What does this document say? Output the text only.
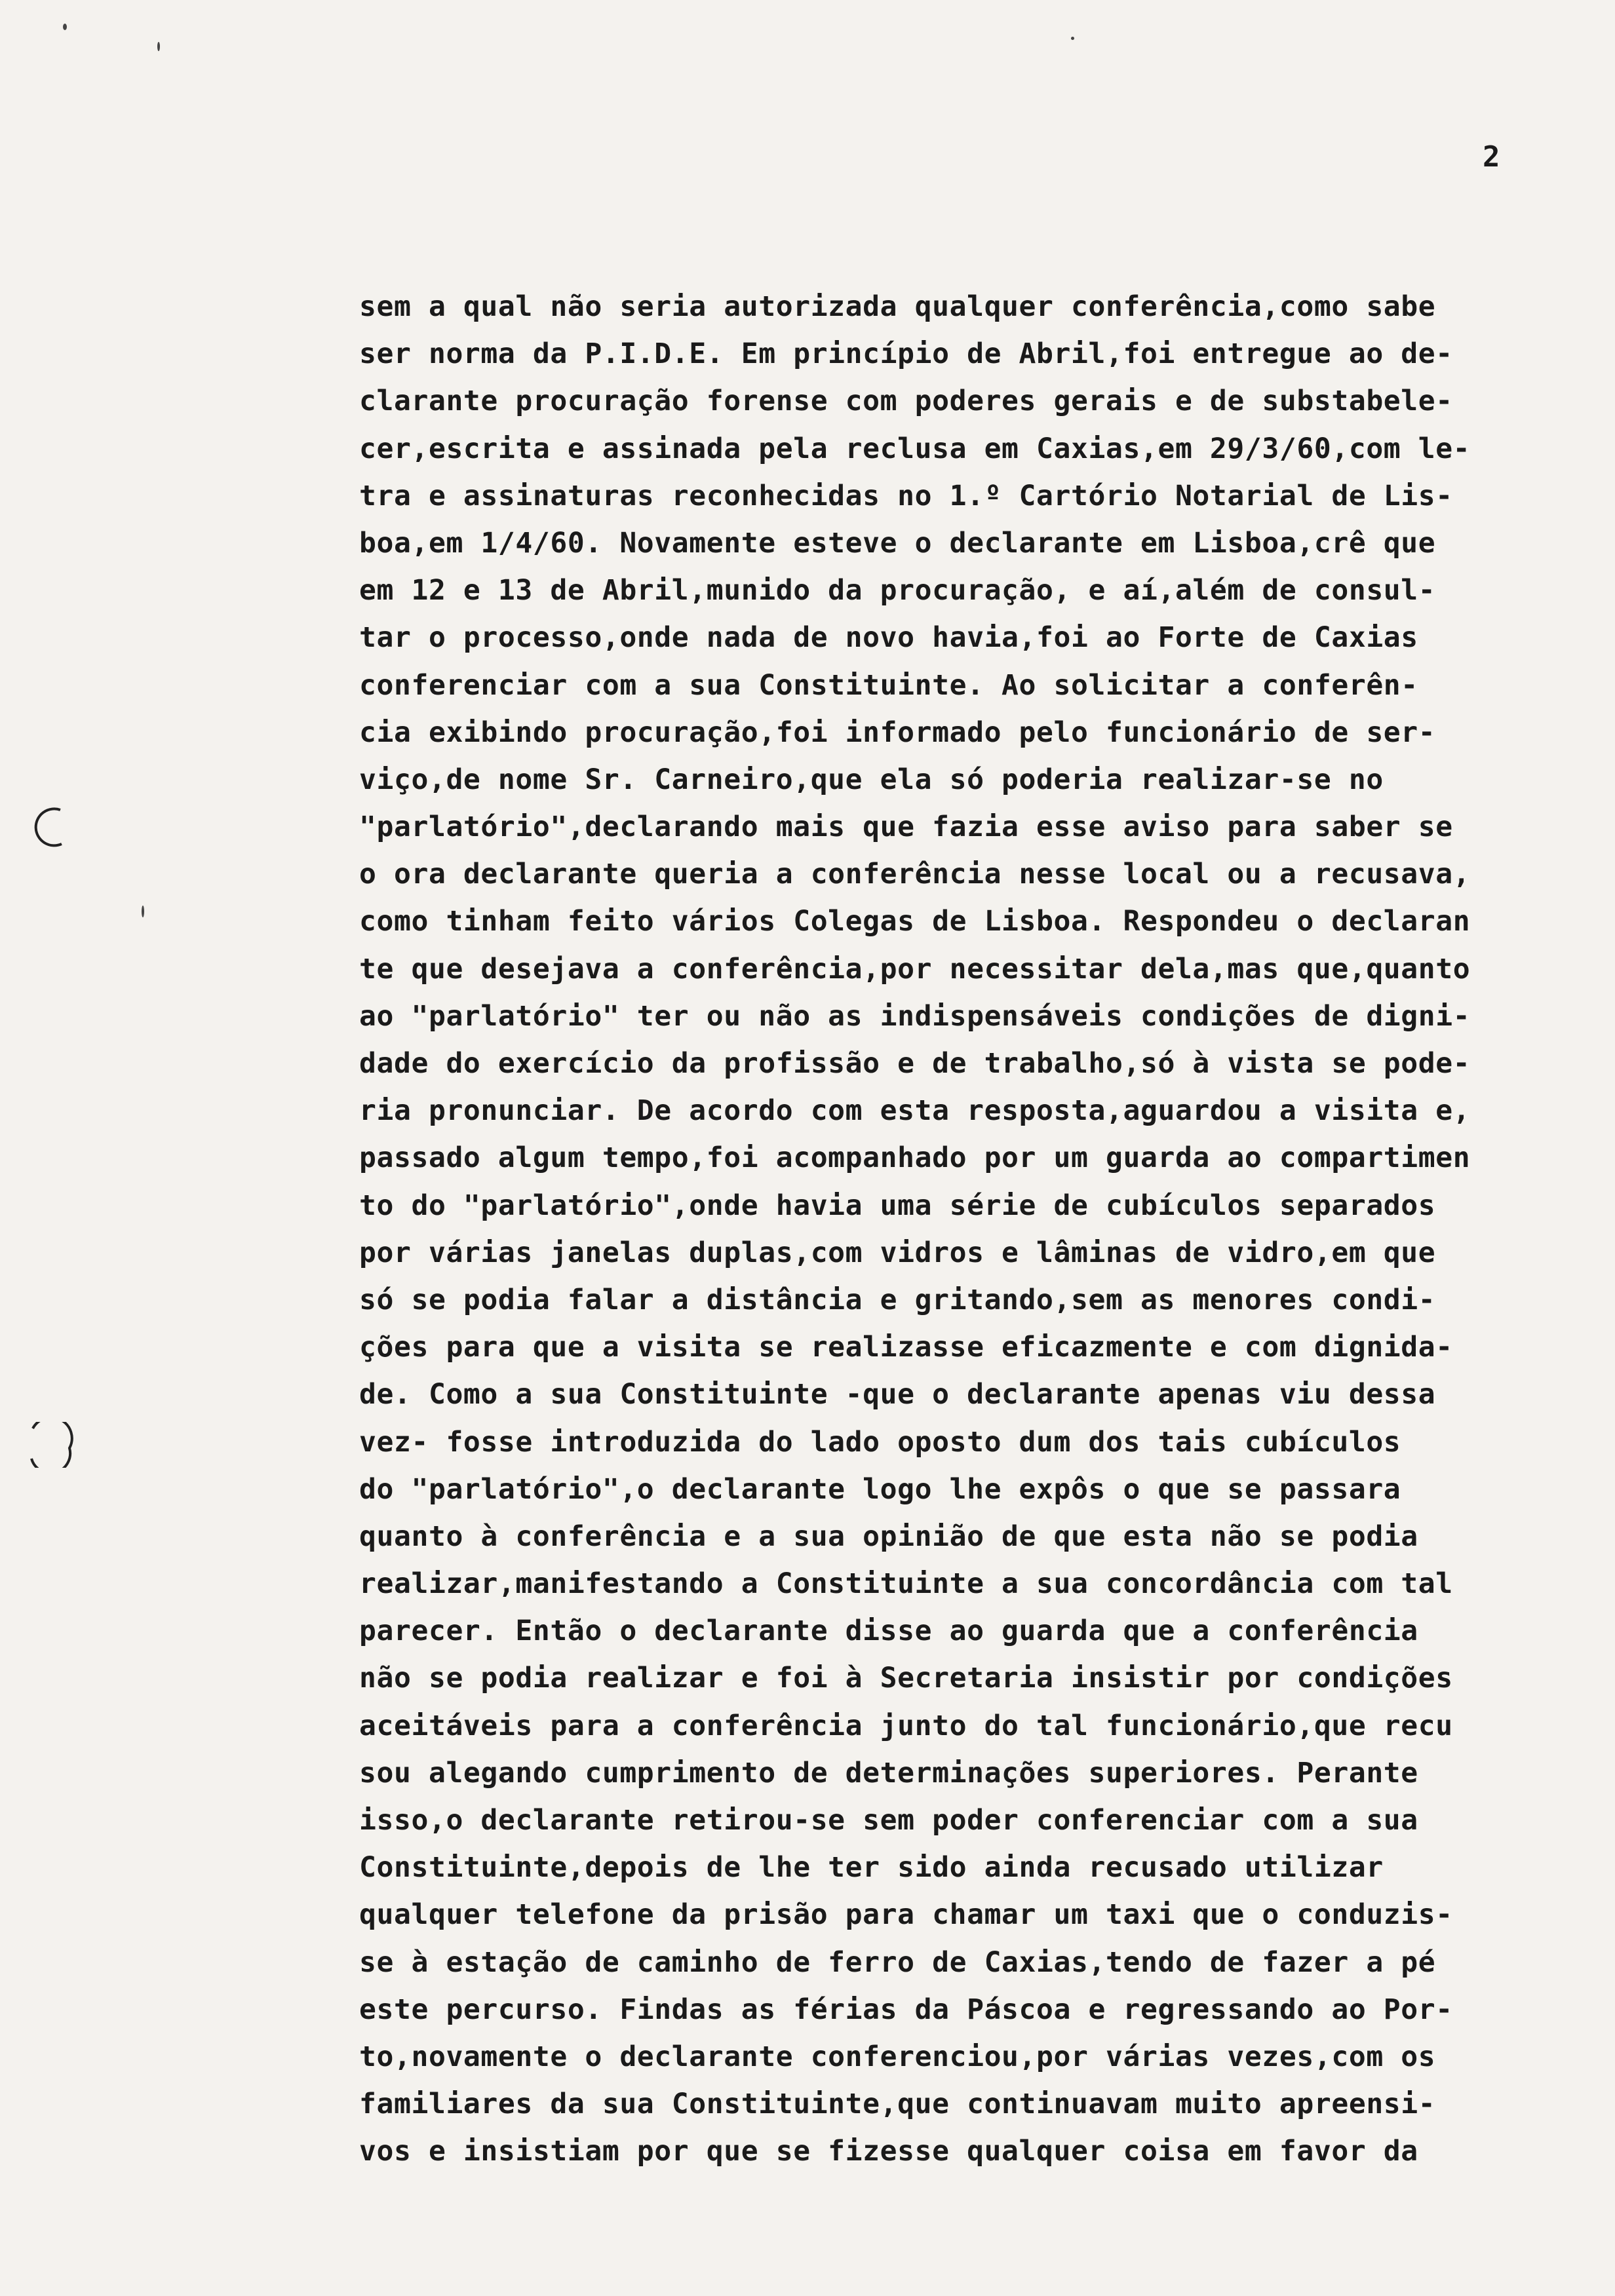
2
sem a qual não seria autorizada qualquer conferência,como sabe
ser norma da P.I.D.E. Em princípio de Abril,foi entregue ao de-
clarante procuração forense com poderes gerais e de substabele-
cer,escrita e assinada pela reclusa em Caxias,em 29/3/60,com le-
tra e assinaturas reconhecidas no 1.º Cartório Notarial de Lis-
boa,em 1/4/60. Novamente esteve o declarante em Lisboa,crê que
em 12 e 13 de Abril,munido da procuração, e aí,além de consul-
tar o processo,onde nada de novo havia,foi ao Forte de Caxias
conferenciar com a sua Constituinte. Ao solicitar a conferên-
cia exibindo procuração,foi informado pelo funcionário de ser-
viço,de nome Sr. Carneiro,que ela só poderia realizar-se no
"parlatório",declarando mais que fazia esse aviso para saber se
o ora declarante queria a conferência nesse local ou a recusava,
como tinham feito vários Colegas de Lisboa. Respondeu o declaran
te que desejava a conferência,por necessitar dela,mas que,quanto
ao "parlatório" ter ou não as indispensáveis condições de digni-
dade do exercício da profissão e de trabalho,só à vista se pode-
ria pronunciar. De acordo com esta resposta,aguardou a visita e,
passado algum tempo,foi acompanhado por um guarda ao compartimen
to do "parlatório",onde havia uma série de cubículos separados
por várias janelas duplas,com vidros e lâminas de vidro,em que
só se podia falar a distância e gritando,sem as menores condi-
ções para que a visita se realizasse eficazmente e com dignida-
de. Como a sua Constituinte -que o declarante apenas viu dessa
vez- fosse introduzida do lado oposto dum dos tais cubículos
do "parlatório",o declarante logo lhe expôs o que se passara
quanto à conferência e a sua opinião de que esta não se podia
realizar,manifestando a Constituinte a sua concordância com tal
parecer. Então o declarante disse ao guarda que a conferência
não se podia realizar e foi à Secretaria insistir por condições
aceitáveis para a conferência junto do tal funcionário,que recu
sou alegando cumprimento de determinações superiores. Perante
isso,o declarante retirou-se sem poder conferenciar com a sua
Constituinte,depois de lhe ter sido ainda recusado utilizar
qualquer telefone da prisão para chamar um taxi que o conduzis-
se à estação de caminho de ferro de Caxias,tendo de fazer a pé
este percurso. Findas as férias da Páscoa e regressando ao Por-
to,novamente o declarante conferenciou,por várias vezes,com os
familiares da sua Constituinte,que continuavam muito apreensi-
vos e insistiam por que se fizesse qualquer coisa em favor da
